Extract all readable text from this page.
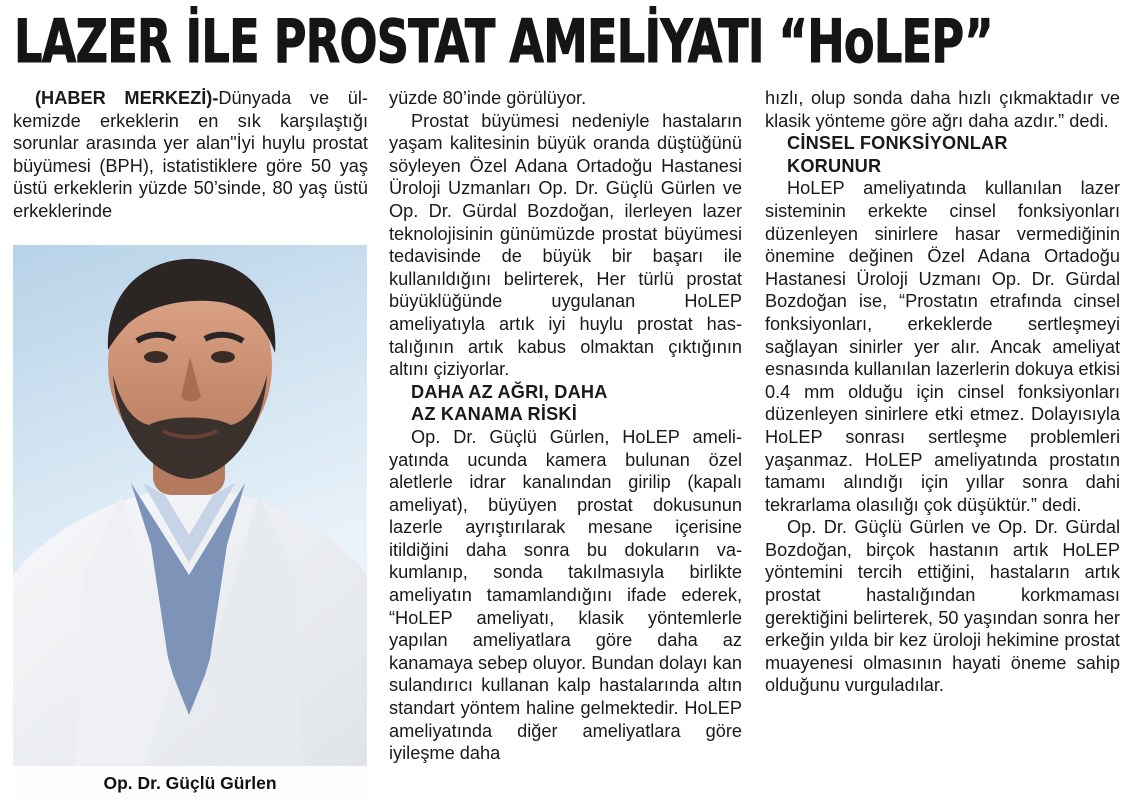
LAZER İLE PROSTAT AMELİYATI “HoLEP”

(HABER MERKEZİ)-Dünyada ve ülkemizde erkeklerin en sık karşılaştığı sorunlar arasında yer alan"İyi huylu prostat büyümesi (BPH), istatistiklere göre 50 yaş üstü erkeklerin yüzde 50’sinde, 80 yaş üstü erkeklerinde

Op. Dr. Güçlü Gürlen

yüzde 80’inde görülüyor.

Prostat büyümesi nedeniyle hastaların yaşam kalitesinin büyük oranda düştüğünü söyleyen Özel Adana Ortadoğu Hastanesi Üroloji Uzmanları Op. Dr. Güçlü Gürlen ve Op. Dr. Gürdal Bozdoğan, ilerleyen lazer teknolojisinin günümüzde prostat büyümesi tedavisinde de büyük bir başarı ile kullanıldığını belirterek, Her türlü prostat büyüklüğünde uygulanan HoLEP ameliyatıyla artık iyi huylu prostat hastalığının artık kabus olmaktan çıktığının altını çiziyorlar.

DAHA AZ AĞRI, DAHA

AZ KANAMA RİSKİ

Op. Dr. Güçlü Gürlen, HoLEP ameliyatında ucunda kamera bulunan özel aletlerle idrar kanalından girilip (kapalı ameliyat), büyüyen prostat dokusunun lazerle ayrıştırılarak mesane içerisine itildiğini daha sonra bu dokuların vakumlanıp, sonda takılmasıyla birlikte ameliyatın tamamlandığını ifade ederek, “HoLEP ameliyatı, klasik yöntemlerle yapılan ameliyatlara göre daha az kanamaya sebep oluyor. Bundan dolayı kan sulandırıcı kullanan kalp hastalarında altın standart yöntem haline gelmektedir. HoLEP ameliyatında diğer ameliyatlara göre iyileşme daha

hızlı, olup sonda daha hızlı çıkmaktadır ve klasik yönteme göre ağrı daha azdır.” dedi.

CİNSEL FONKSİYONLAR

KORUNUR

HoLEP ameliyatında kullanılan lazer sisteminin erkekte cinsel fonksiyonları düzenleyen sinirlere hasar vermediğinin önemine değinen Özel Adana Ortadoğu Hastanesi Üroloji Uzmanı Op. Dr. Gürdal Bozdoğan ise, “Prostatın etrafında cinsel fonksiyonları, erkeklerde sertleşmeyi sağlayan sinirler yer alır. Ancak ameliyat esnasında kullanılan lazerlerin dokuya etkisi 0.4 mm olduğu için cinsel fonksiyonları düzenleyen sinirlere etki etmez. Dolayısıyla HoLEP sonrası sertleşme problemleri yaşanmaz. HoLEP ameliyatında prostatın tamamı alındığı için yıllar sonra dahi tekrarlama olasılığı çok düşüktür.” dedi.

Op. Dr. Güçlü Gürlen ve Op. Dr. Gürdal Bozdoğan, birçok hastanın artık HoLEP yöntemini tercih ettiğini, hastaların artık prostat hastalığından korkmaması gerektiğini belirterek, 50 yaşından sonra her erkeğin yılda bir kez üroloji hekimine prostat muayenesi olmasının hayati öneme sahip olduğunu vurguladılar.
